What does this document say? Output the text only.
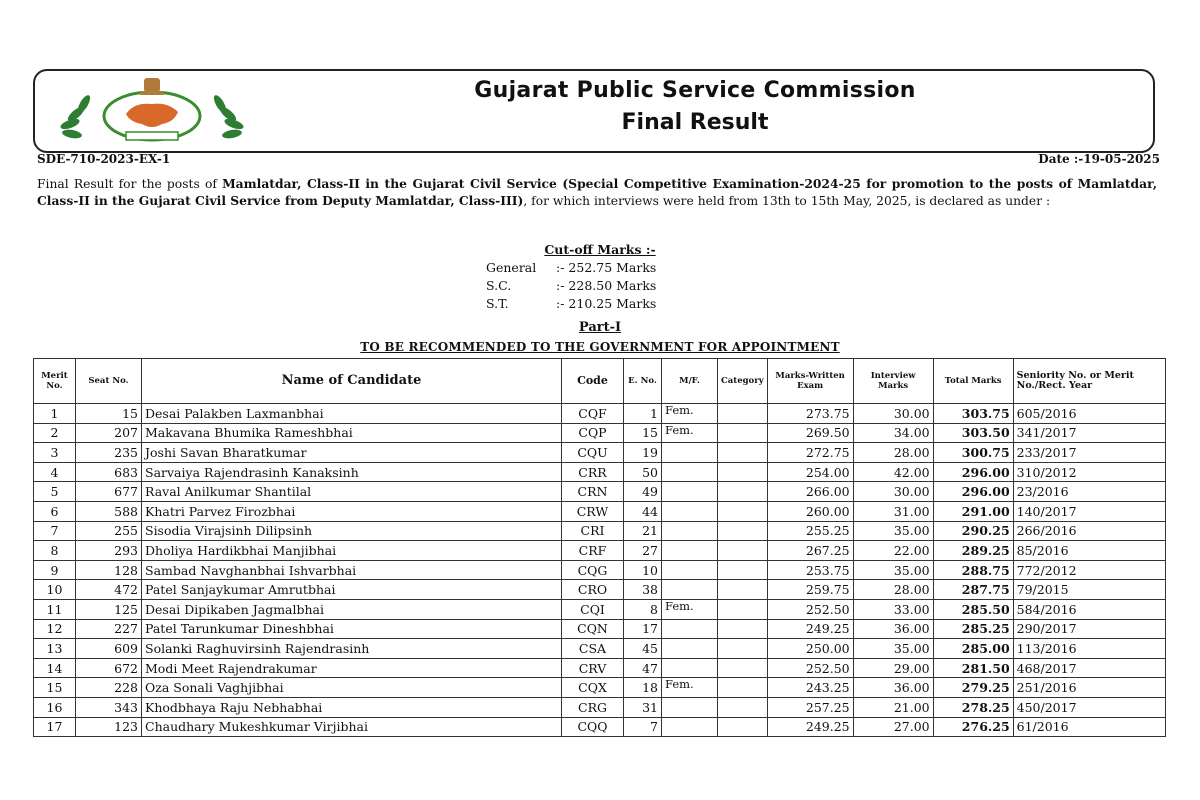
Gujarat Public Service Commission
Final Result
SDE-710-2023-EX-1	Date :-19-05-2025
Final Result for the posts of Mamlatdar, Class-II in the Gujarat Civil Service (Special Competitive Examination-2024-25 for promotion to the posts of Mamlatdar, Class-II in the Gujarat Civil Service from Deputy Mamlatdar, Class-III), for which interviews were held from 13th to 15th May, 2025, is declared as under :
Cut-off Marks :-
General :- 252.75 Marks
S.C.	:- 228.50 Marks
S.T.	:- 210.25 Marks
Part-I
TO BE RECOMMENDED TO THE GOVERNMENT FOR APPOINTMENT
Merit No.	Seat No.	Name of Candidate	Code	E. No.	M/F.	Category	Marks-Written Exam	Interview Marks	Total Marks	Seniority No. or Merit No./Rect. Year
1	15	Desai Palakben Laxmanbhai	CQF	1	Fem.		273.75	30.00	303.75	605/2016
2	207	Makavana Bhumika Rameshbhai	CQP	15	Fem.		269.50	34.00	303.50	341/2017
3	235	Joshi Savan Bharatkumar	CQU	19			272.75	28.00	300.75	233/2017
4	683	Sarvaiya Rajendrasinh Kanaksinh	CRR	50			254.00	42.00	296.00	310/2012
5	677	Raval Anilkumar Shantilal	CRN	49			266.00	30.00	296.00	23/2016
6	588	Khatri Parvez Firozbhai	CRW	44			260.00	31.00	291.00	140/2017
7	255	Sisodia Virajsinh Dilipsinh	CRI	21			255.25	35.00	290.25	266/2016
8	293	Dholiya Hardikbhai Manjibhai	CRF	27			267.25	22.00	289.25	85/2016
9	128	Sambad Navghanbhai Ishvarbhai	CQG	10			253.75	35.00	288.75	772/2012
10	472	Patel Sanjaykumar Amrutbhai	CRO	38			259.75	28.00	287.75	79/2015
11	125	Desai Dipikaben Jagmalbhai	CQI	8	Fem.		252.50	33.00	285.50	584/2016
12	227	Patel Tarunkumar Dineshbhai	CQN	17			249.25	36.00	285.25	290/2017
13	609	Solanki Raghuvirsinh Rajendrasinh	CSA	45			250.00	35.00	285.00	113/2016
14	672	Modi Meet Rajendrakumar	CRV	47			252.50	29.00	281.50	468/2017
15	228	Oza Sonali Vaghjibhai	CQX	18	Fem.		243.25	36.00	279.25	251/2016
16	343	Khodbhaya Raju Nebhabhai	CRG	31			257.25	21.00	278.25	450/2017
17	123	Chaudhary Mukeshkumar Virjibhai	CQQ	7			249.25	27.00	276.25	61/2016
